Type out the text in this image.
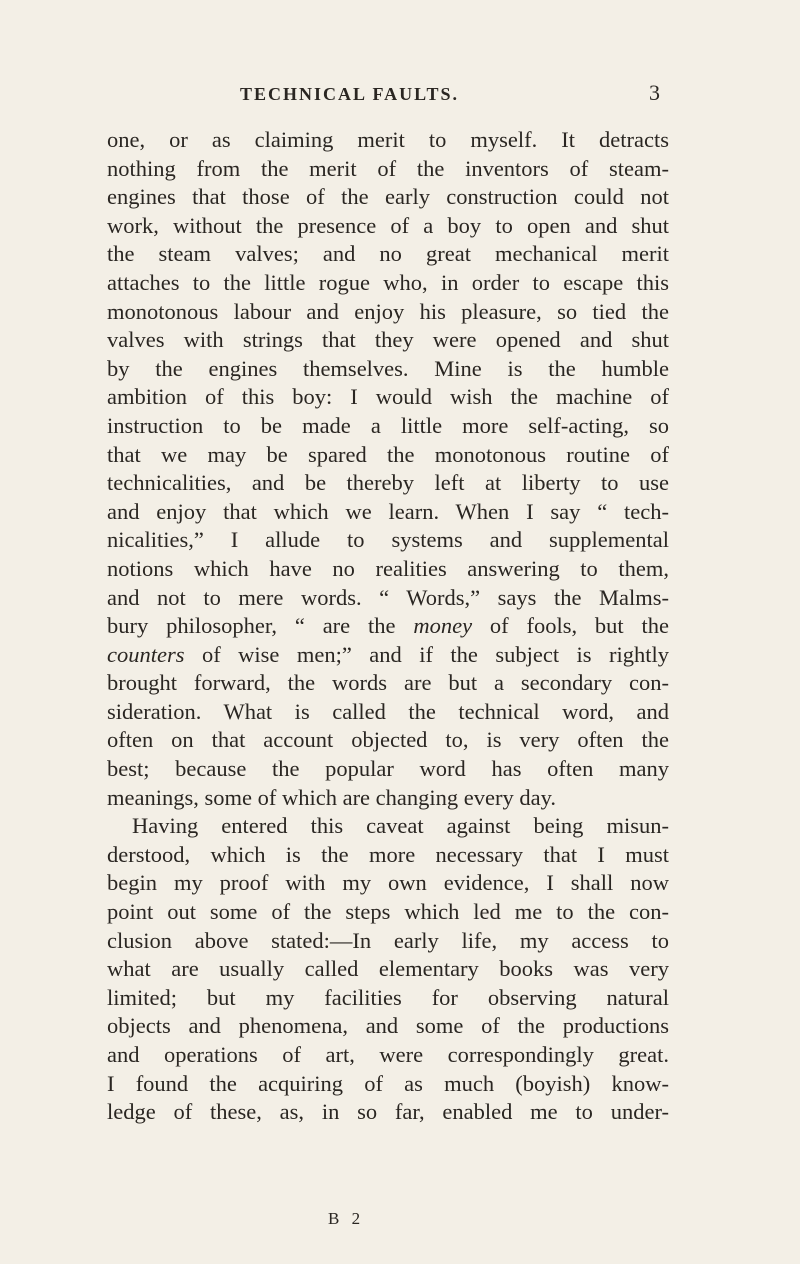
TECHNICAL FAULTS.	3
one, or as claiming merit to myself. It detracts
nothing from the merit of the inventors of steam-
engines that those of the early construction could not
work, without the presence of a boy to open and shut
the steam valves; and no great mechanical merit
attaches to the little rogue who, in order to escape this
monotonous labour and enjoy his pleasure, so tied the
valves with strings that they were opened and shut
by the engines themselves. Mine is the humble
ambition of this boy: I would wish the machine of
instruction to be made a little more self-acting, so
that we may be spared the monotonous routine of
technicalities, and be thereby left at liberty to use
and enjoy that which we learn. When I say “ tech-
nicalities,” I allude to systems and supplemental
notions which have no realities answering to them,
and not to mere words. “ Words,” says the Malms-
bury philosopher, “ are the money of fools, but the
counters of wise men;” and if the subject is rightly
brought forward, the words are but a secondary con-
sideration. What is called the technical word, and
often on that account objected to, is very often the
best; because the popular word has often many
meanings, some of which are changing every day.
Having entered this caveat against being misun-
derstood, which is the more necessary that I must
begin my proof with my own evidence, I shall now
point out some of the steps which led me to the con-
clusion above stated:—In early life, my access to
what are usually called elementary books was very
limited; but my facilities for observing natural
objects and phenomena, and some of the productions
and operations of art, were correspondingly great.
I found the acquiring of as much (boyish) know-
ledge of these, as, in so far, enabled me to under-
B 2
